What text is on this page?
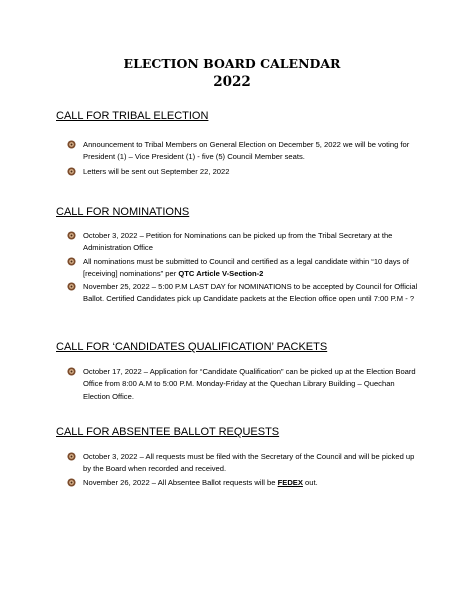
ELECTION BOARD CALENDAR
2022
CALL FOR TRIBAL ELECTION
Announcement to Tribal Members on General Election on December 5, 2022 we will be voting for President (1) – Vice President (1) - five (5) Council Member seats.
Letters will be sent out September 22, 2022
CALL FOR NOMINATIONS
October 3, 2022 – Petition for Nominations can be picked up from the Tribal Secretary at the Administration Office
All nominations must be submitted to Council and certified as a legal candidate within “10 days of [receiving] nominations” per QTC Article V-Section-2
November 25, 2022 – 5:00 P.M LAST DAY for NOMINATIONS to be accepted by Council for Official Ballot. Certified Candidates pick up Candidate packets at the Election office open until 7:00 P.M - ?
CALL FOR ‘CANDIDATES QUALIFICATION’ PACKETS
October 17, 2022 – Application for “Candidate Qualification” can be picked up at the Election Board Office from 8:00 A.M to 5:00 P.M. Monday-Friday at the Quechan Library Building – Quechan Election Office.
CALL FOR ABSENTEE BALLOT REQUESTS
October 3, 2022 – All requests must be filed with the Secretary of the Council and will be picked up by the Board when recorded and received.
November 26, 2022 – All Absentee Ballot requests will be FEDEX out.
